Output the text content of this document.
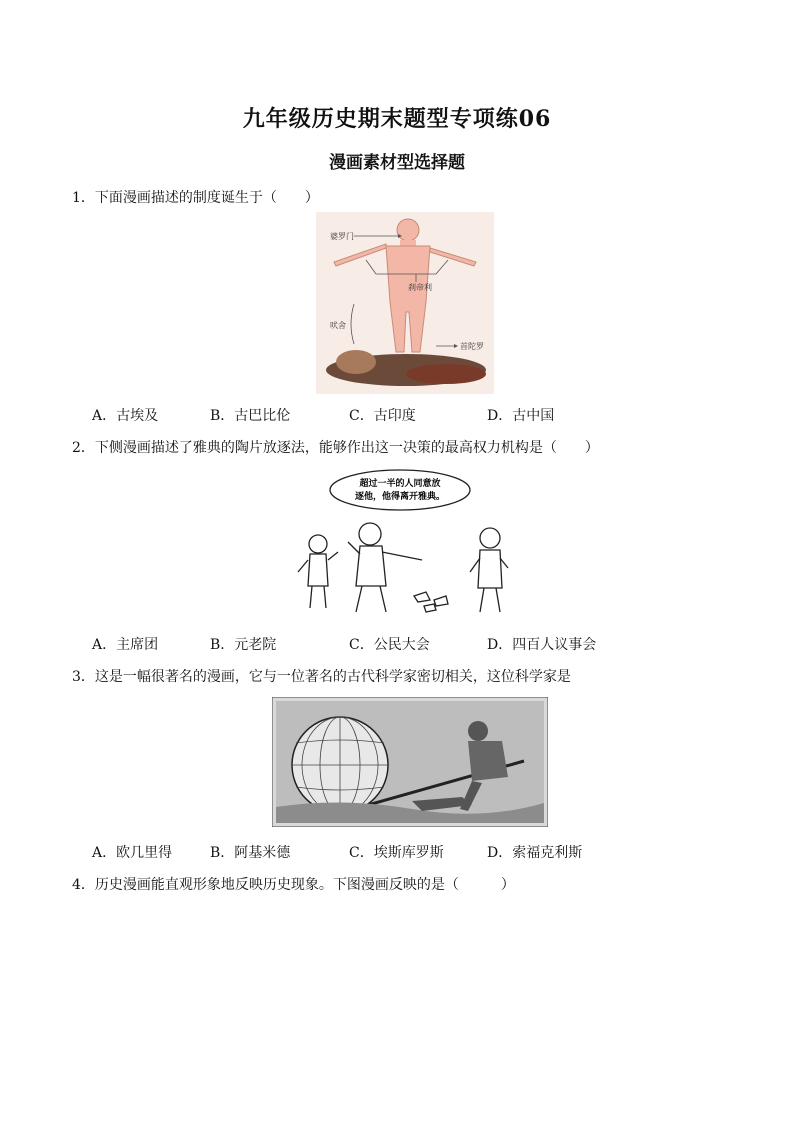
九年级历史期末题型专项练06
漫画素材型选择题
1．下面漫画描述的制度诞生于（　　）
婆罗门
刹帝利
吠舍
首陀罗
A．古埃及	B．古巴比伦	C．古印度	D．古中国
2．下侧漫画描述了雅典的陶片放逐法，能够作出这一决策的最高权力机构是（　　）
超过一半的人同意放
逐他，他得离开雅典。
A．主席团	B．元老院	C．公民大会	D．四百人议事会
3．这是一幅很著名的漫画，它与一位著名的古代科学家密切相关，这位科学家是
A．欧几里得	B．阿基米德	C．埃斯库罗斯	D．索福克利斯
4．历史漫画能直观形象地反映历史现象。下图漫画反映的是（　　　）
